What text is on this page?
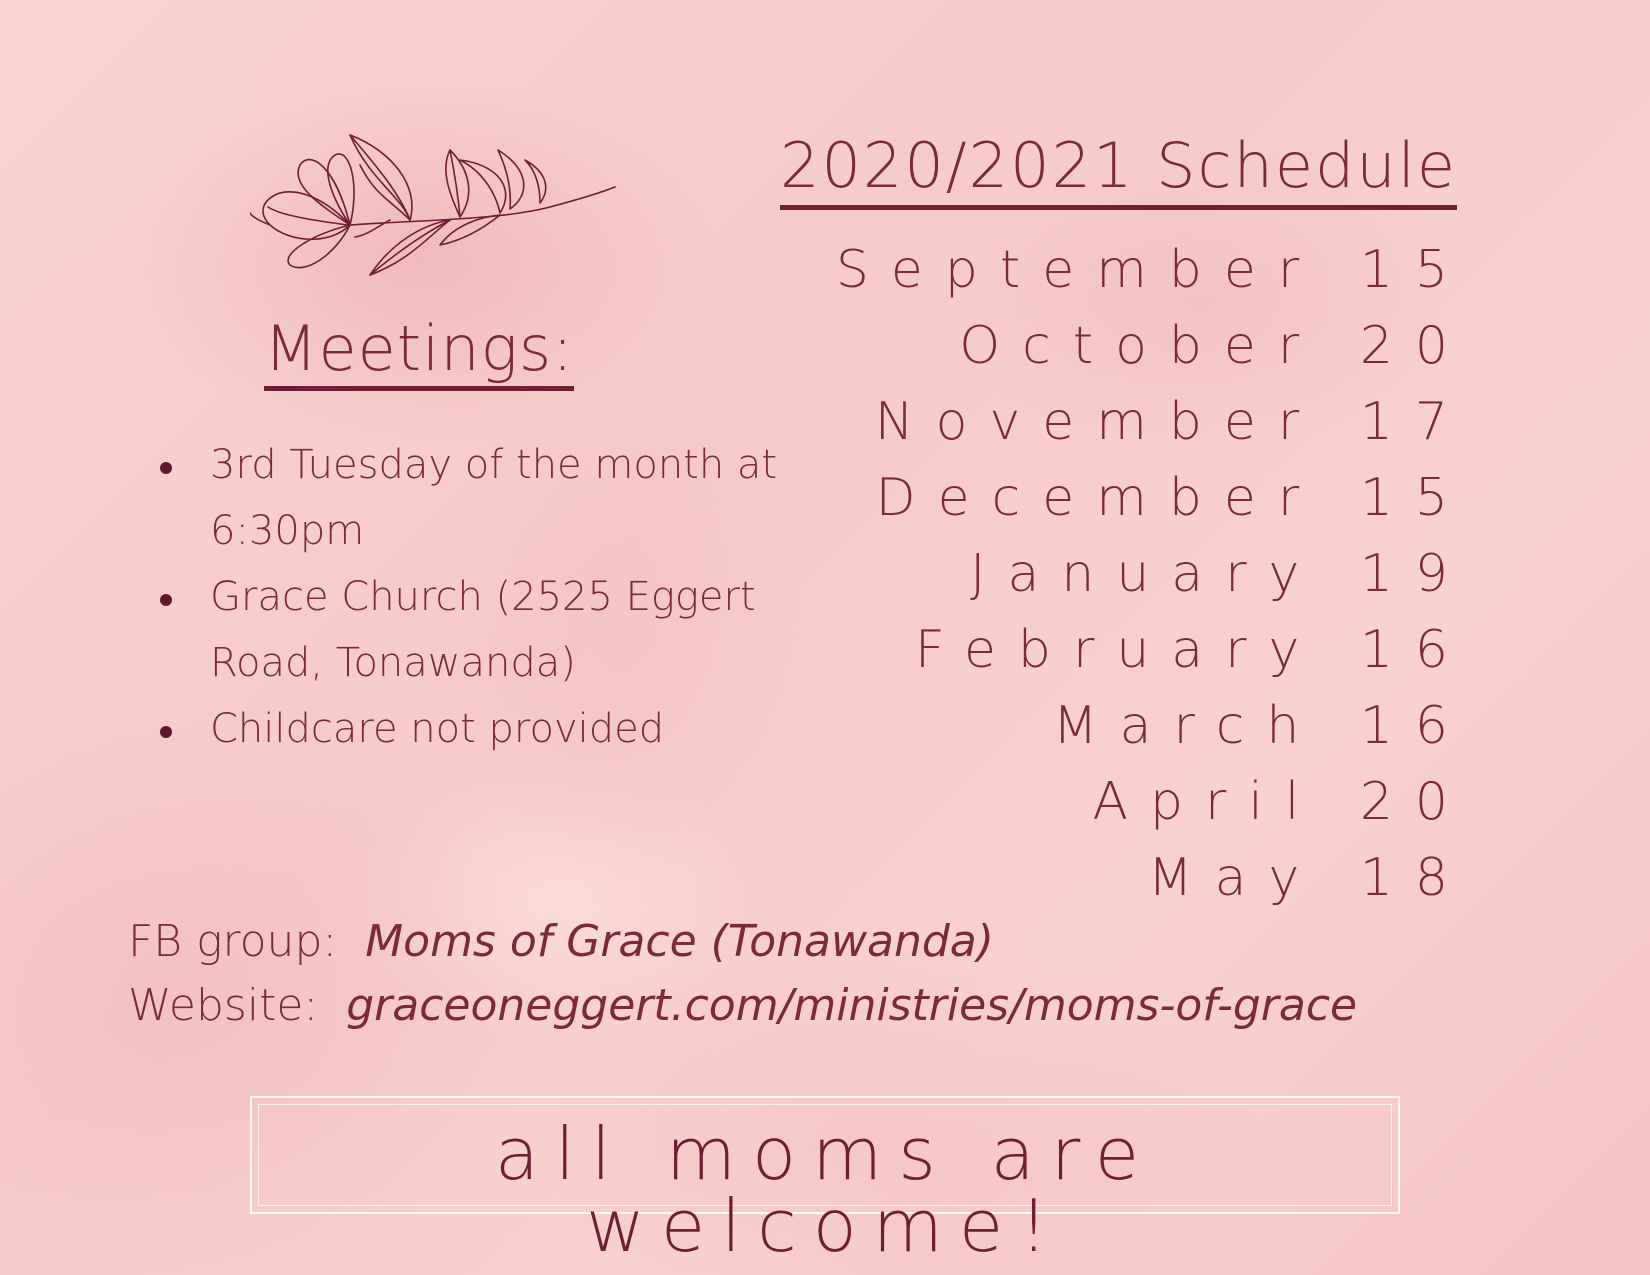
Meetings:
3rd Tuesday of the month at 6:30pm
Grace Church (2525 Eggert Road, Tonawanda)
Childcare not provided
2020/2021 Schedule
September 15
October 20
November 17
December 15
January 19
February 16
March 16
April 20
May 18
FB group: Moms of Grace (Tonawanda)
Website: graceoneggert.com/ministries/moms-of-grace
all moms are welcome!
